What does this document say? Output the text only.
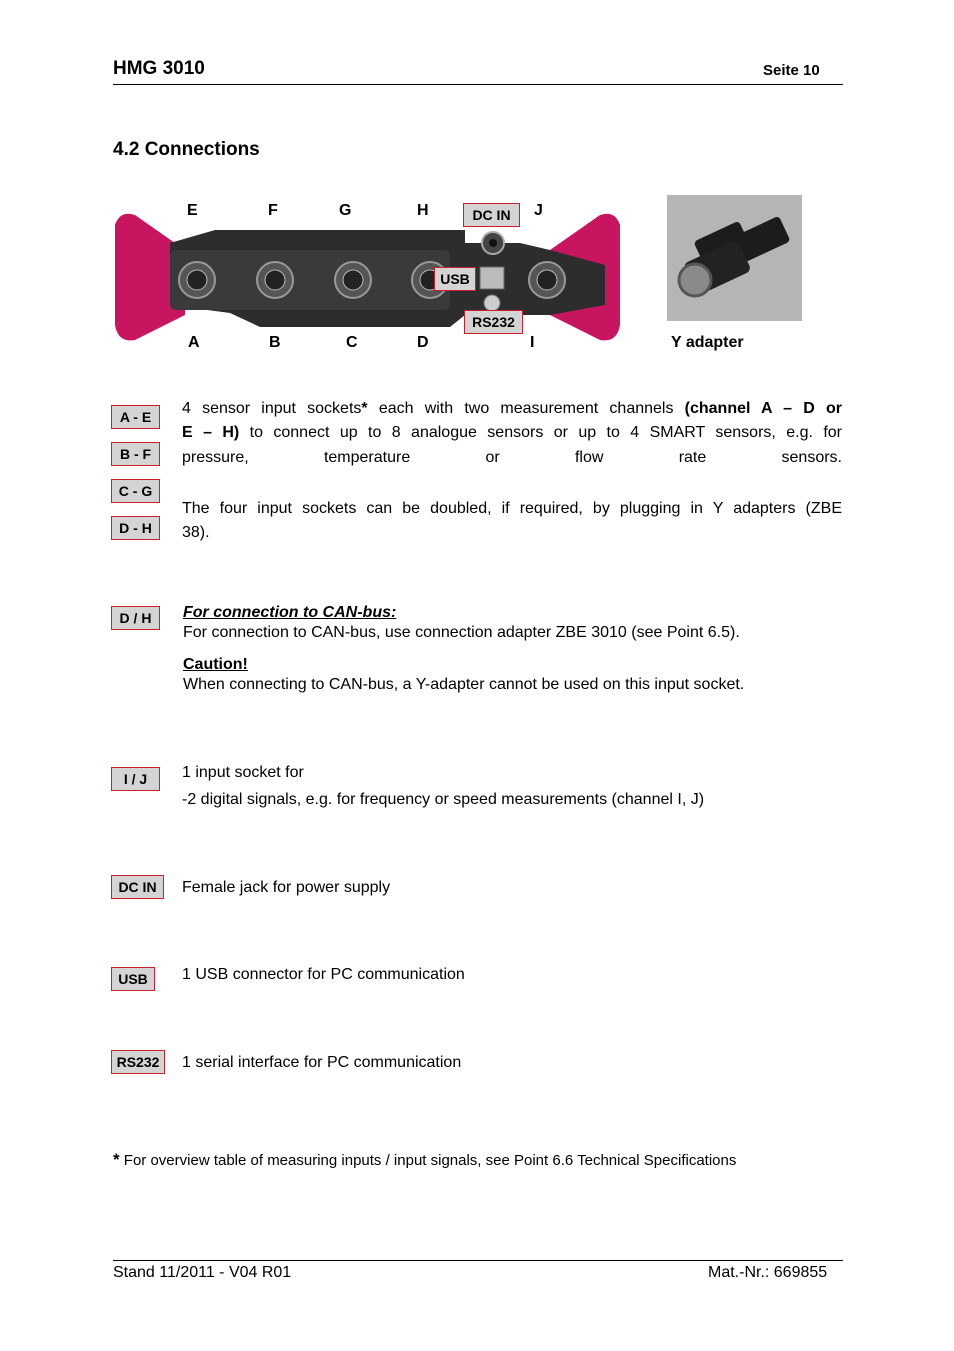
HMG 3010	Seite 10
4.2 Connections
E	F	G	H	J
A	B	C	D	I
DC IN
USB
RS232
Y adapter
A - E
B - F
C - G
D - H
4 sensor input sockets* each with two measurement channels (channel A – D or
E – H) to connect up to 8 analogue sensors or up to 4 SMART sensors, e.g. for
pressure, temperature or flow rate sensors.
The four input sockets can be doubled, if required, by plugging in Y adapters (ZBE
38).
D / H	For connection to CAN-bus:
For connection to CAN-bus, use connection adapter ZBE 3010 (see Point 6.5).
Caution!
When connecting to CAN-bus, a Y-adapter cannot be used on this input socket.
I / J	1 input socket for
-2 digital signals, e.g. for frequency or speed measurements (channel I, J)
DC IN	Female jack for power supply
USB	1 USB connector for PC communication
RS232	1 serial interface for PC communication
* For overview table of measuring inputs / input signals, see Point 6.6 Technical Specifications
Stand 11/2011 - V04 R01	Mat.-Nr.: 669855
